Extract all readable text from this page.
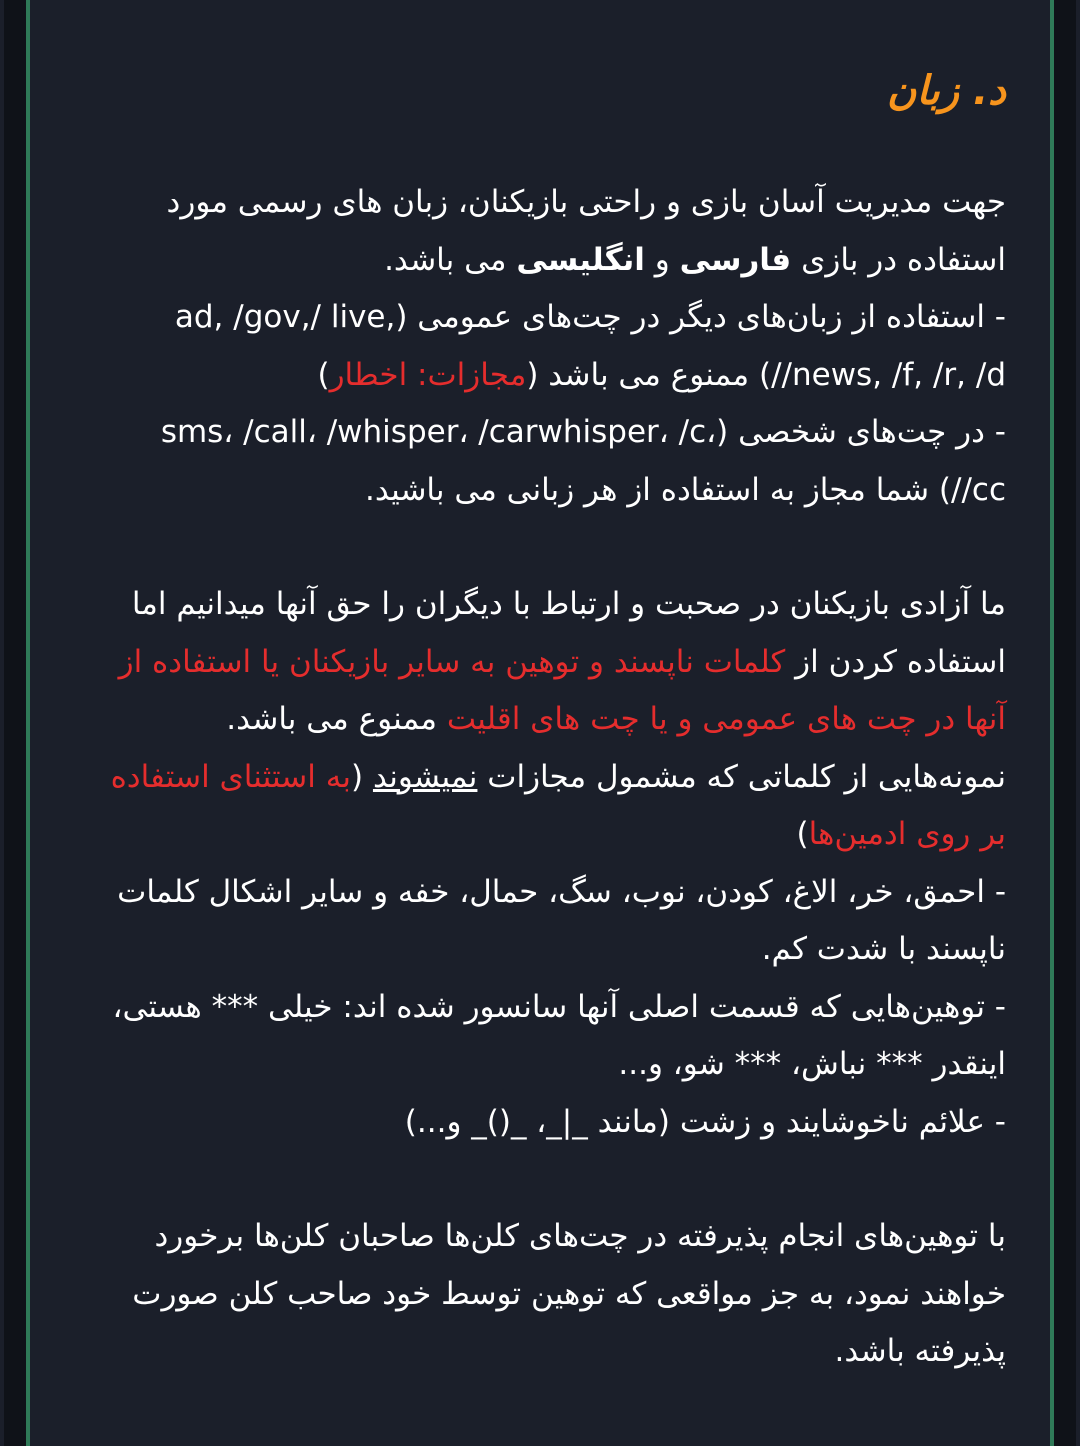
د. زبان
جهت مدیریت آسان بازی و راحتی بازیکنان، زبان های رسمی مورد استفاده در بازی فارسی و انگلیسی می باشد.
- استفاده از زبان‌های دیگر در چت‌های عمومی (ad, /gov,/ live, /news, /f, /r, /d/) ممنوع می باشد (مجازات: اخطار)
- در چت‌های شخصی (sms، /call، /whisper، /carwhisper، /c، /cc/) شما مجاز به استفاده از هر زبانی می باشید.
ما آزادی بازیکنان در صحبت و ارتباط با دیگران را حق آنها میدانیم اما استفاده کردن از کلمات ناپسند و توهین به سایر بازیکنان یا استفاده از آنها در چت های عمومی و یا چت های اقلیت ممنوع می باشد.
نمونه‌هایی از کلماتی که مشمول مجازات نمیشوند (به استثنای استفاده بر روی ادمین‌ها)
- احمق، خر، الاغ، کودن، نوب، سگ، حمال، خفه و سایر اشکال کلمات ناپسند با شدت کم.
- توهین‌هایی که قسمت اصلی آنها سانسور شده اند: خیلی *** هستی، اینقدر *** نباش، *** شو، و...
- علائم ناخوشایند و زشت (مانند _|_، _()_ و...)
با توهین‌های انجام پذیرفته در چت‌های کلن‌ها صاحبان کلن‌ها برخورد خواهند نمود، به جز مواقعی که توهین توسط خود صاحب کلن صورت پذیرفته باشد.
